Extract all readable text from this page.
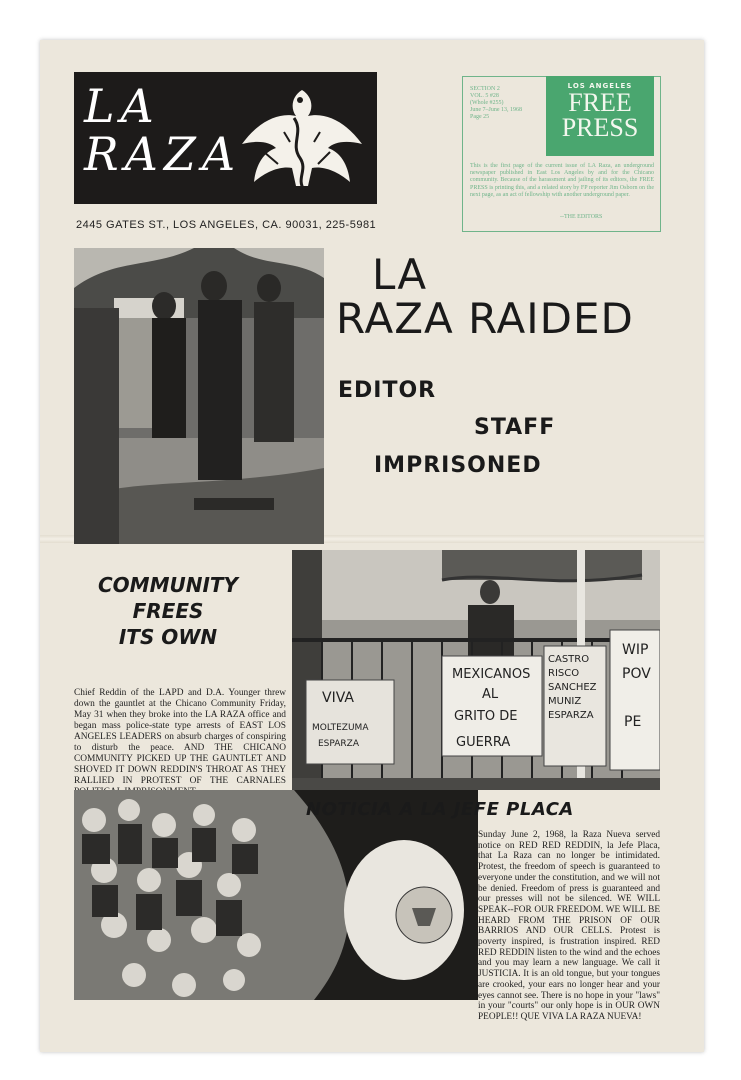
LA
RAZA
2445 GATES ST., LOS ANGELES, CA. 90031, 225-5981
SECTION 2
VOL. 5 #28
(Whole #255)
June 7–June 13, 1968
Page 25
LOS ANGELES
FREE
PRESS
This is the first page of the current issue of LA Raza, an underground newspaper published in East Los Angeles by and for the Chicano community. Because of the harassment and jailing of its editors, the FREE PRESS is printing this, and a related story by FP reporter Jim Osborn on the next page, as an act of fellowship with another underground paper.
--THE EDITORS
LA
RAZA RAIDED
EDITOR
STAFF
IMPRISONED
COMMUNITY
FREES
ITS OWN
Chief Reddin of the LAPD and D.A. Younger threw down the gauntlet at the Chicano Community Friday, May 31 when they broke into the LA RAZA office and began mass police-state type arrests of EAST LOS ANGELES LEADERS on absurb charges of conspiring to disturb the peace. AND THE CHICANO COMMUNITY PICKED UP THE GAUNTLET AND SHOVED IT DOWN REDDIN'S THROAT AS THEY RALLIED IN PROTEST OF THE CARNALES
VIVA
MOLTEZUMA
ESPARZA
MEXICANOS
AL
GRITO DE
GUERRA
CASTRO
RISCO
SANCHEZ
MUNIZ
ESPARZA
WIP
POV
PE
NOTICIA A LA JEFE PLACA
Sunday June 2, 1968, la Raza Nueva served notice on RED RED REDDIN, la Jefe Placa, that La Raza can no longer be intimidated. Protest, the freedom of speech is guaranteed to everyone under the constitution, and we will not be denied. Freedom of press is guaranteed and our presses will not be silenced. WE WILL SPEAK--FOR OUR FREEDOM. WE WILL BE HEARD FROM THE PRISON OF OUR BARRIOS AND OUR CELLS. Protest is poverty inspired, is frustration inspired. RED RED REDDIN listen to the wind and the echoes and you may learn a new language. We call it JUSTICIA. It is an old tongue, but your tongues are crooked, your ears no longer hear and your eyes cannot see. There is no hope in your "laws" in your "courts" our only hope is in OUR OWN PEOPLE!! QUE VIVA LA RAZA NUEVA!
